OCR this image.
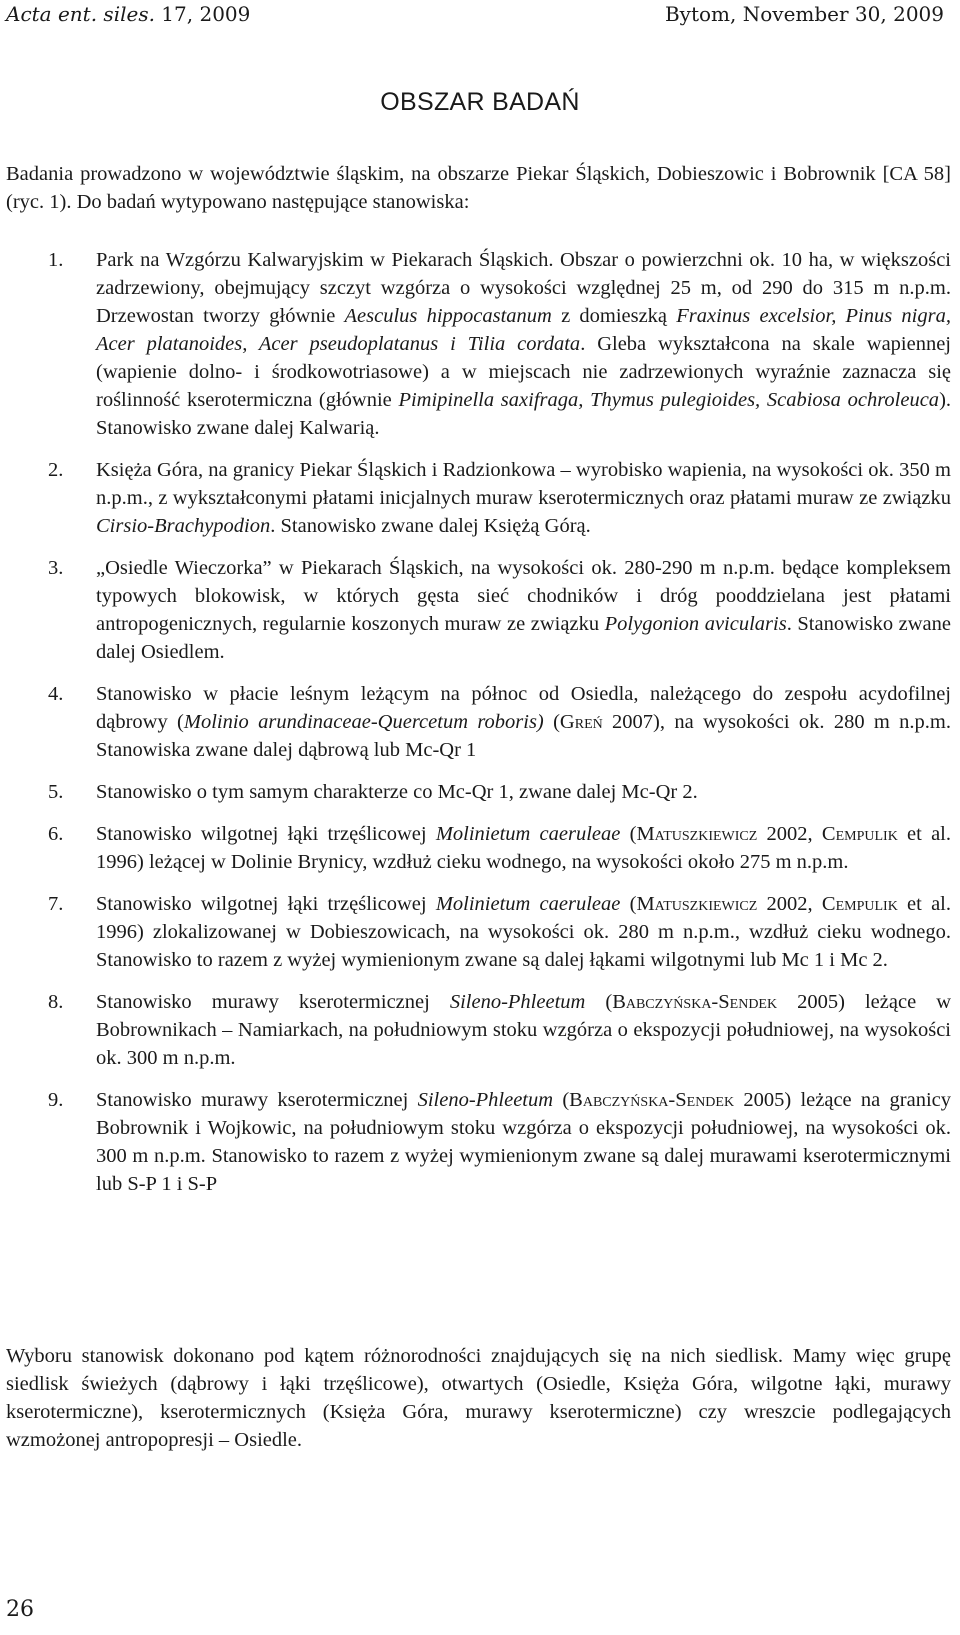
Acta ent. siles. 17, 2009	Bytom, November 30, 2009
OBSZAR BADAŃ

Badania prowadzono w województwie śląskim, na obszarze Piekar Śląskich, Dobieszowic i Bobrownik [CA 58] (ryc. 1). Do badań wytypowano następujące stanowiska:

1. Park na Wzgórzu Kalwaryjskim w Piekarach Śląskich. Obszar o powierzchni ok. 10 ha, w większości zadrzewiony, obejmujący szczyt wzgórza o wysokości względnej 25 m, od 290 do 315 m n.p.m. Drzewostan tworzy głównie Aesculus hippocastanum z domieszką Fraxinus excelsior, Pinus nigra, Acer platanoides, Acer pseudoplatanus i Tilia cordata. Gleba wykształcona na skale wapiennej (wapienie dolno- i środkowotriasowe) a w miejscach nie zadrzewionych wyraźnie zaznacza się roślinność kserotermiczna (głównie Pimipinella saxifraga, Thymus pulegioides, Scabiosa ochroleuca). Stanowisko zwane dalej Kalwarią.
2. Księża Góra, na granicy Piekar Śląskich i Radzionkowa – wyrobisko wapienia, na wysokości ok. 350 m n.p.m., z wykształconymi płatami inicjalnych muraw kserotermicznych oraz płatami muraw ze związku Cirsio-Brachypodion. Stanowisko zwane dalej Księżą Górą.
3. „Osiedle Wieczorka” w Piekarach Śląskich, na wysokości ok. 280-290 m n.p.m. będące kompleksem typowych blokowisk, w których gęsta sieć chodników i dróg pooddzielana jest płatami antropogenicznych, regularnie koszonych muraw ze związku Polygonion avicularis. Stanowisko zwane dalej Osiedlem.
4. Stanowisko w płacie leśnym leżącym na północ od Osiedla, należącego do zespołu acydofilnej dąbrowy (Molinio arundinaceae-Quercetum roboris) (Greń 2007), na wysokości ok. 280 m n.p.m. Stanowiska zwane dalej dąbrową lub Mc-Qr 1
5. Stanowisko o tym samym charakterze co Mc-Qr 1, zwane dalej Mc-Qr 2.
6. Stanowisko wilgotnej łąki trzęślicowej Molinietum caeruleae (Matuszkiewicz 2002, Cempulik et al. 1996) leżącej w Dolinie Brynicy, wzdłuż cieku wodnego, na wysokości około 275 m n.p.m.
7. Stanowisko wilgotnej łąki trzęślicowej Molinietum caeruleae (Matuszkiewicz 2002, Cempulik et al. 1996) zlokalizowanej w Dobieszowicach, na wysokości ok. 280 m n.p.m., wzdłuż cieku wodnego. Stanowisko to razem z wyżej wymienionym zwane są dalej łąkami wilgotnymi lub Mc 1 i Mc 2.
8. Stanowisko murawy kserotermicznej Sileno-Phleetum (Babczyńska-Sendek 2005) leżące w Bobrownikach – Namiarkach, na południowym stoku wzgórza o ekspozycji południowej, na wysokości ok. 300 m n.p.m.
9. Stanowisko murawy kserotermicznej Sileno-Phleetum (Babczyńska-Sendek 2005) leżące na granicy Bobrownik i Wojkowic, na południowym stoku wzgórza o ekspozycji południowej, na wysokości ok. 300 m n.p.m. Stanowisko to razem z wyżej wymienionym zwane są dalej murawami kserotermicznymi lub S-P 1 i S-P

Wyboru stanowisk dokonano pod kątem różnorodności znajdujących się na nich siedlisk. Mamy więc grupę siedlisk świeżych (dąbrowy i łąki trzęślicowe), otwartych (Osiedle, Księża Góra, wilgotne łąki, murawy kserotermiczne), kserotermicznych (Księża Góra, murawy kserotermiczne) czy wreszcie podlegających wzmożonej antropopresji – Osiedle.

26
